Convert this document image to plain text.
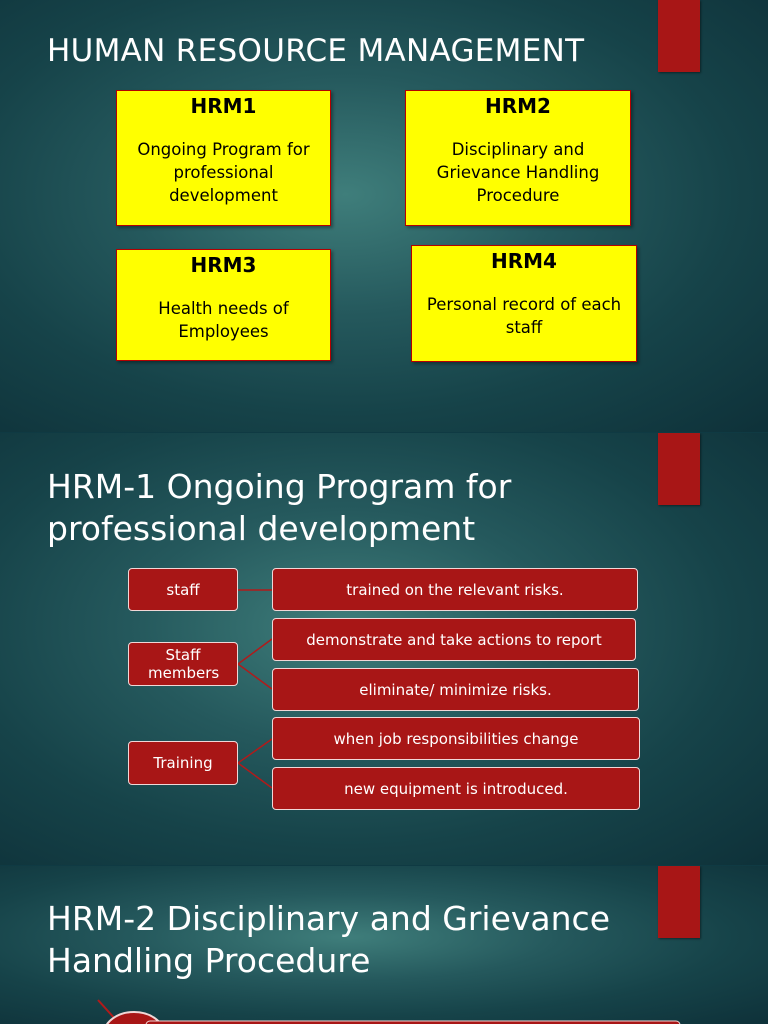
HUMAN RESOURCE MANAGEMENT
HRM1
Ongoing Program for professional development
HRM2
Disciplinary and Grievance Handling Procedure
HRM3
Health needs of Employees
HRM4
Personal record of each staff
HRM-1 Ongoing Program for professional development
staff
Staff members
Training
trained on the relevant risks.
demonstrate and take actions to report
eliminate/ minimize risks.
when job responsibilities change
new equipment is introduced.
HRM-2 Disciplinary and Grievance Handling Procedure
